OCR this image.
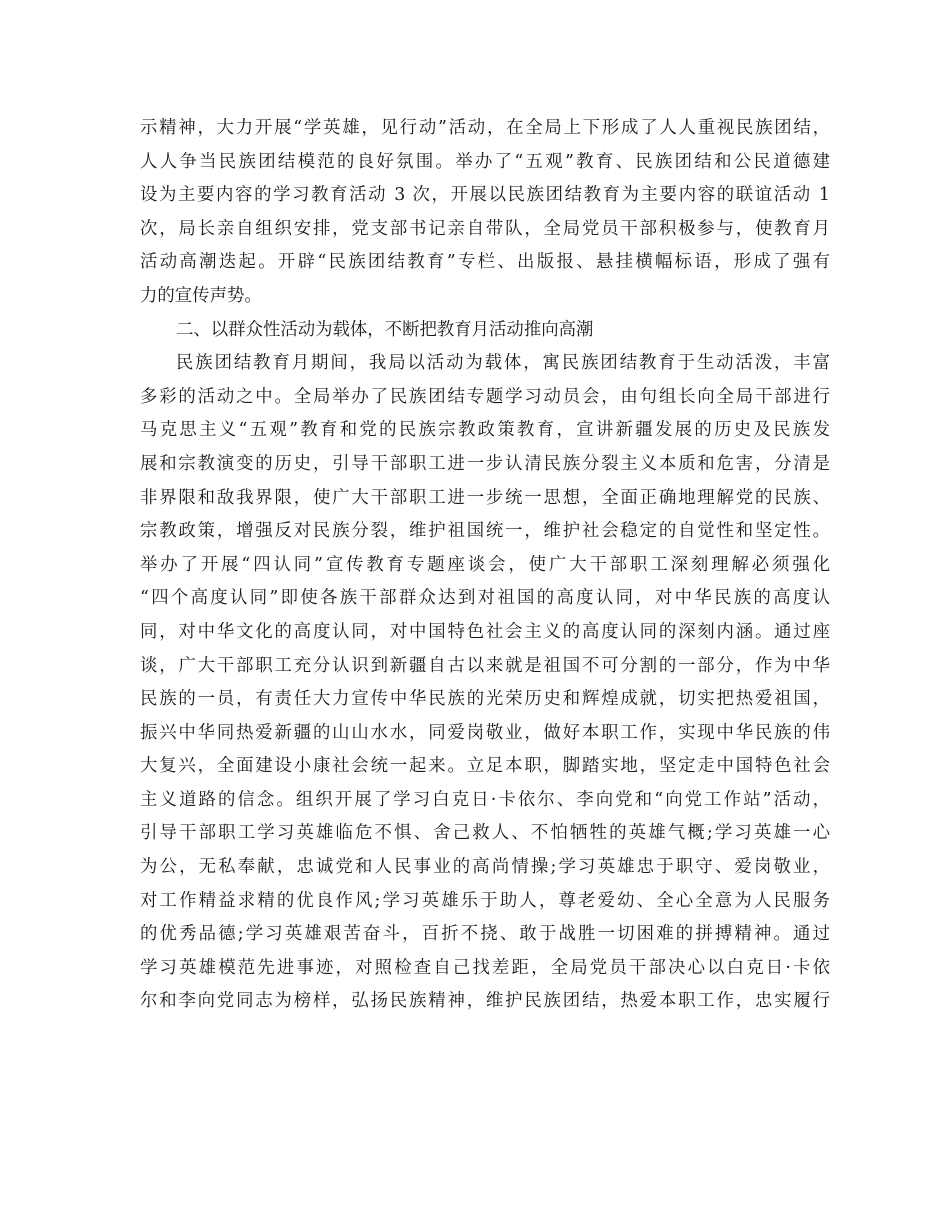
示精神，大力开展“学英雄，见行动”活动，在全局上下形成了人人重视民族团结，
人人争当民族团结模范的良好氛围。举办了“五观”教育、民族团结和公民道德建
设为主要内容的学习教育活动 3 次，开展以民族团结教育为主要内容的联谊活动 1
次，局长亲自组织安排，党支部书记亲自带队，全局党员干部积极参与，使教育月
活动高潮迭起。开辟“民族团结教育”专栏、出版报、悬挂横幅标语，形成了强有
力的宣传声势。
二、以群众性活动为载体，不断把教育月活动推向高潮
民族团结教育月期间，我局以活动为载体，寓民族团结教育于生动活泼，丰富
多彩的活动之中。全局举办了民族团结专题学习动员会，由句组长向全局干部进行
马克思主义“五观”教育和党的民族宗教政策教育，宣讲新疆发展的历史及民族发
展和宗教演变的历史，引导干部职工进一步认清民族分裂主义本质和危害，分清是
非界限和敌我界限，使广大干部职工进一步统一思想，全面正确地理解党的民族、
宗教政策，增强反对民族分裂，维护祖国统一，维护社会稳定的自觉性和坚定性。
举办了开展“四认同”宣传教育专题座谈会，使广大干部职工深刻理解必须强化
“四个高度认同”即使各族干部群众达到对祖国的高度认同，对中华民族的高度认
同，对中华文化的高度认同，对中国特色社会主义的高度认同的深刻内涵。通过座
谈，广大干部职工充分认识到新疆自古以来就是祖国不可分割的一部分，作为中华
民族的一员，有责任大力宣传中华民族的光荣历史和辉煌成就，切实把热爱祖国，
振兴中华同热爱新疆的山山水水，同爱岗敬业，做好本职工作，实现中华民族的伟
大复兴，全面建设小康社会统一起来。立足本职，脚踏实地，坚定走中国特色社会
主义道路的信念。组织开展了学习白克日·卡依尔、李向党和“向党工作站”活动，
引导干部职工学习英雄临危不惧、舍己救人、不怕牺牲的英雄气概;学习英雄一心
为公，无私奉献，忠诚党和人民事业的高尚情操;学习英雄忠于职守、爱岗敬业，
对工作精益求精的优良作风;学习英雄乐于助人，尊老爱幼、全心全意为人民服务
的优秀品德;学习英雄艰苦奋斗，百折不挠、敢于战胜一切困难的拼搏精神。通过
学习英雄模范先进事迹，对照检查自己找差距，全局党员干部决心以白克日·卡依
尔和李向党同志为榜样，弘扬民族精神，维护民族团结，热爱本职工作，忠实履行
